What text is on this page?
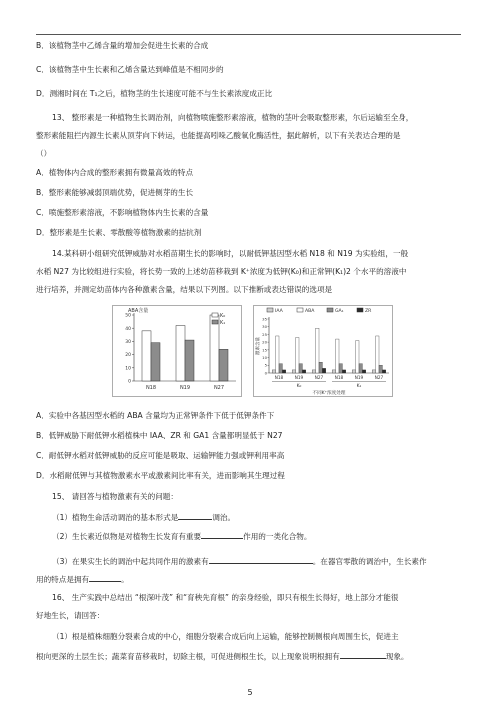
B．该植物茎中乙烯含量的增加会促进生长素的合成
C．该植物茎中生长素和乙烯含量达到峰值是不相同步的
D．测湘时间在 T₁之后，植物茎的生长速度可能不与生长素浓度成正比
13、 整形素是一种植物生长调治剂，向植物喷施整形素溶液，植物的茎叶会吸取整形素，尔后运输至全身，
整形素能阻拦内源生长素从顶芽向下转运，也能提高吲哚乙酸氧化酶活性，据此解析，以下有关表达合理的是
（）
A．植物体内合成的整形素拥有微量高效的特点
B．整形素能够减弱顶端优势，促进侧芽的生长
C．喷施整形素溶液，不影响植物体内生长素的含量
D．整形素是生长素、零散酸等植物激素的拮抗剂
14.某科研小组研究低钾威胁对水稻苗期生长的影响时，以耐低钾基因型水稻 N18 和 N19 为实验组，一般
水稻 N27 为比较组进行实验，将长势一致的上述幼苗移栽到 K⁺浓度为低钾(K₀)和正常钾(K₁)2 个水平的溶液中
进行培养，并测定幼苗体内各种激素含量，结果以下列图。以下推断或表达错误的选项是
ABA含量
0
10
20
30
40
50
N18	N19	N27
K₀
K₁
IAA	ABA	GA₁	ZR
激素含量
0
5
10
15
20
25
30
35
N18	N19	N27	N18	N19	N27
K₀	K₁
不同K⁺浓度处理
A．实验中各基因型水稻的 ABA 含量均为正常钾条件下低于低钾条件下
B．低钾威胁下耐低钾水稻植株中 IAA、ZR 和 GA1 含量都明显低于 N27
C．耐低钾水稻对低钾威胁的反应可能是吸取、运输钾能力强或钾利用率高
D．水稻耐低钾与其植物激素水平或激素间比率有关，进而影响其生理过程
15、 请回答与植物激素有关的问题：
（1）植物生命活动调治的基本形式是	调治。
（2）生长素近似物是对植物生长发育有重要	作用的一类化合物。
（3）在果实生长的调治中起共同作用的激素有	。在器官零散的调治中，生长素作
用的特点是拥有	。
16、 生产实践中总结出 “根深叶茂” 和“育秧先育根” 的亲身经验，即只有根生长得好，地上部分才能很
好地生长，请回答：
（1）根是植株细胞分裂素合成的中心，细胞分裂素合成后向上运输，能够控制侧根向周围生长，促进主
根向更深的土层生长；蔬菜育苗移栽时，切除主根，可促进侧根生长，以上现象说明根拥有	现象。
5
